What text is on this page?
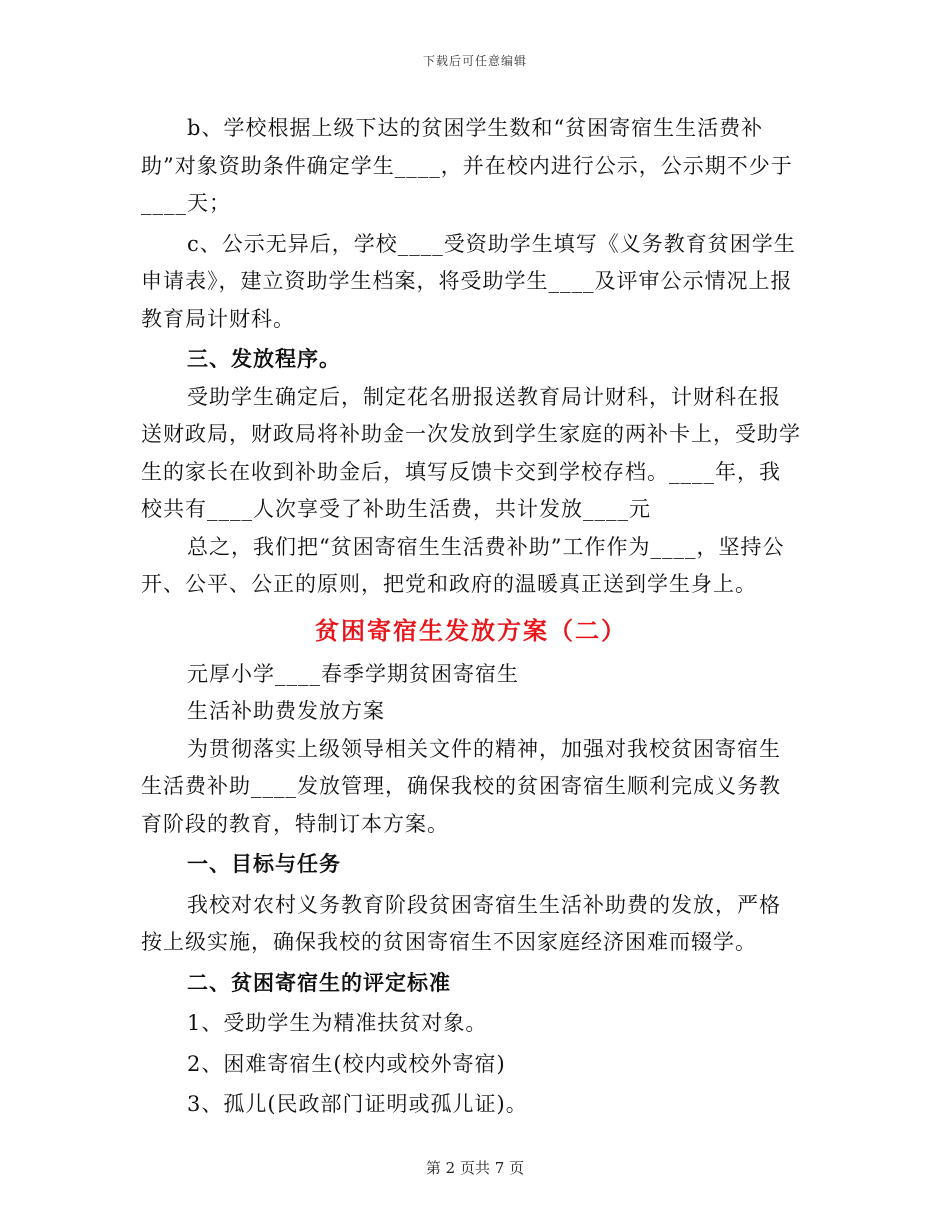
下载后可任意编辑

b、学校根据上级下达的贫困学生数和“贫困寄宿生生活费补助”对象资助条件确定学生____，并在校内进行公示，公示期不少于____天；

c、公示无异后，学校____受资助学生填写《义务教育贫困学生申请表》，建立资助学生档案，将受助学生____及评审公示情况上报教育局计财科。

三、发放程序。

受助学生确定后，制定花名册报送教育局计财科，计财科在报送财政局，财政局将补助金一次发放到学生家庭的两补卡上，受助学生的家长在收到补助金后，填写反馈卡交到学校存档。____年，我校共有____人次享受了补助生活费，共计发放____元

总之，我们把“贫困寄宿生生活费补助”工作作为____，坚持公开、公平、公正的原则，把党和政府的温暖真正送到学生身上。

贫困寄宿生发放方案（二）

元厚小学____春季学期贫困寄宿生

生活补助费发放方案

为贯彻落实上级领导相关文件的精神，加强对我校贫困寄宿生生活费补助____发放管理，确保我校的贫困寄宿生顺利完成义务教育阶段的教育，特制订本方案。

一、目标与任务

我校对农村义务教育阶段贫困寄宿生生活补助费的发放，严格按上级实施，确保我校的贫困寄宿生不因家庭经济困难而辍学。

二、贫困寄宿生的评定标准

1、受助学生为精准扶贫对象。

2、困难寄宿生(校内或校外寄宿)

3、孤儿(民政部门证明或孤儿证)。

第 2 页共 7 页
